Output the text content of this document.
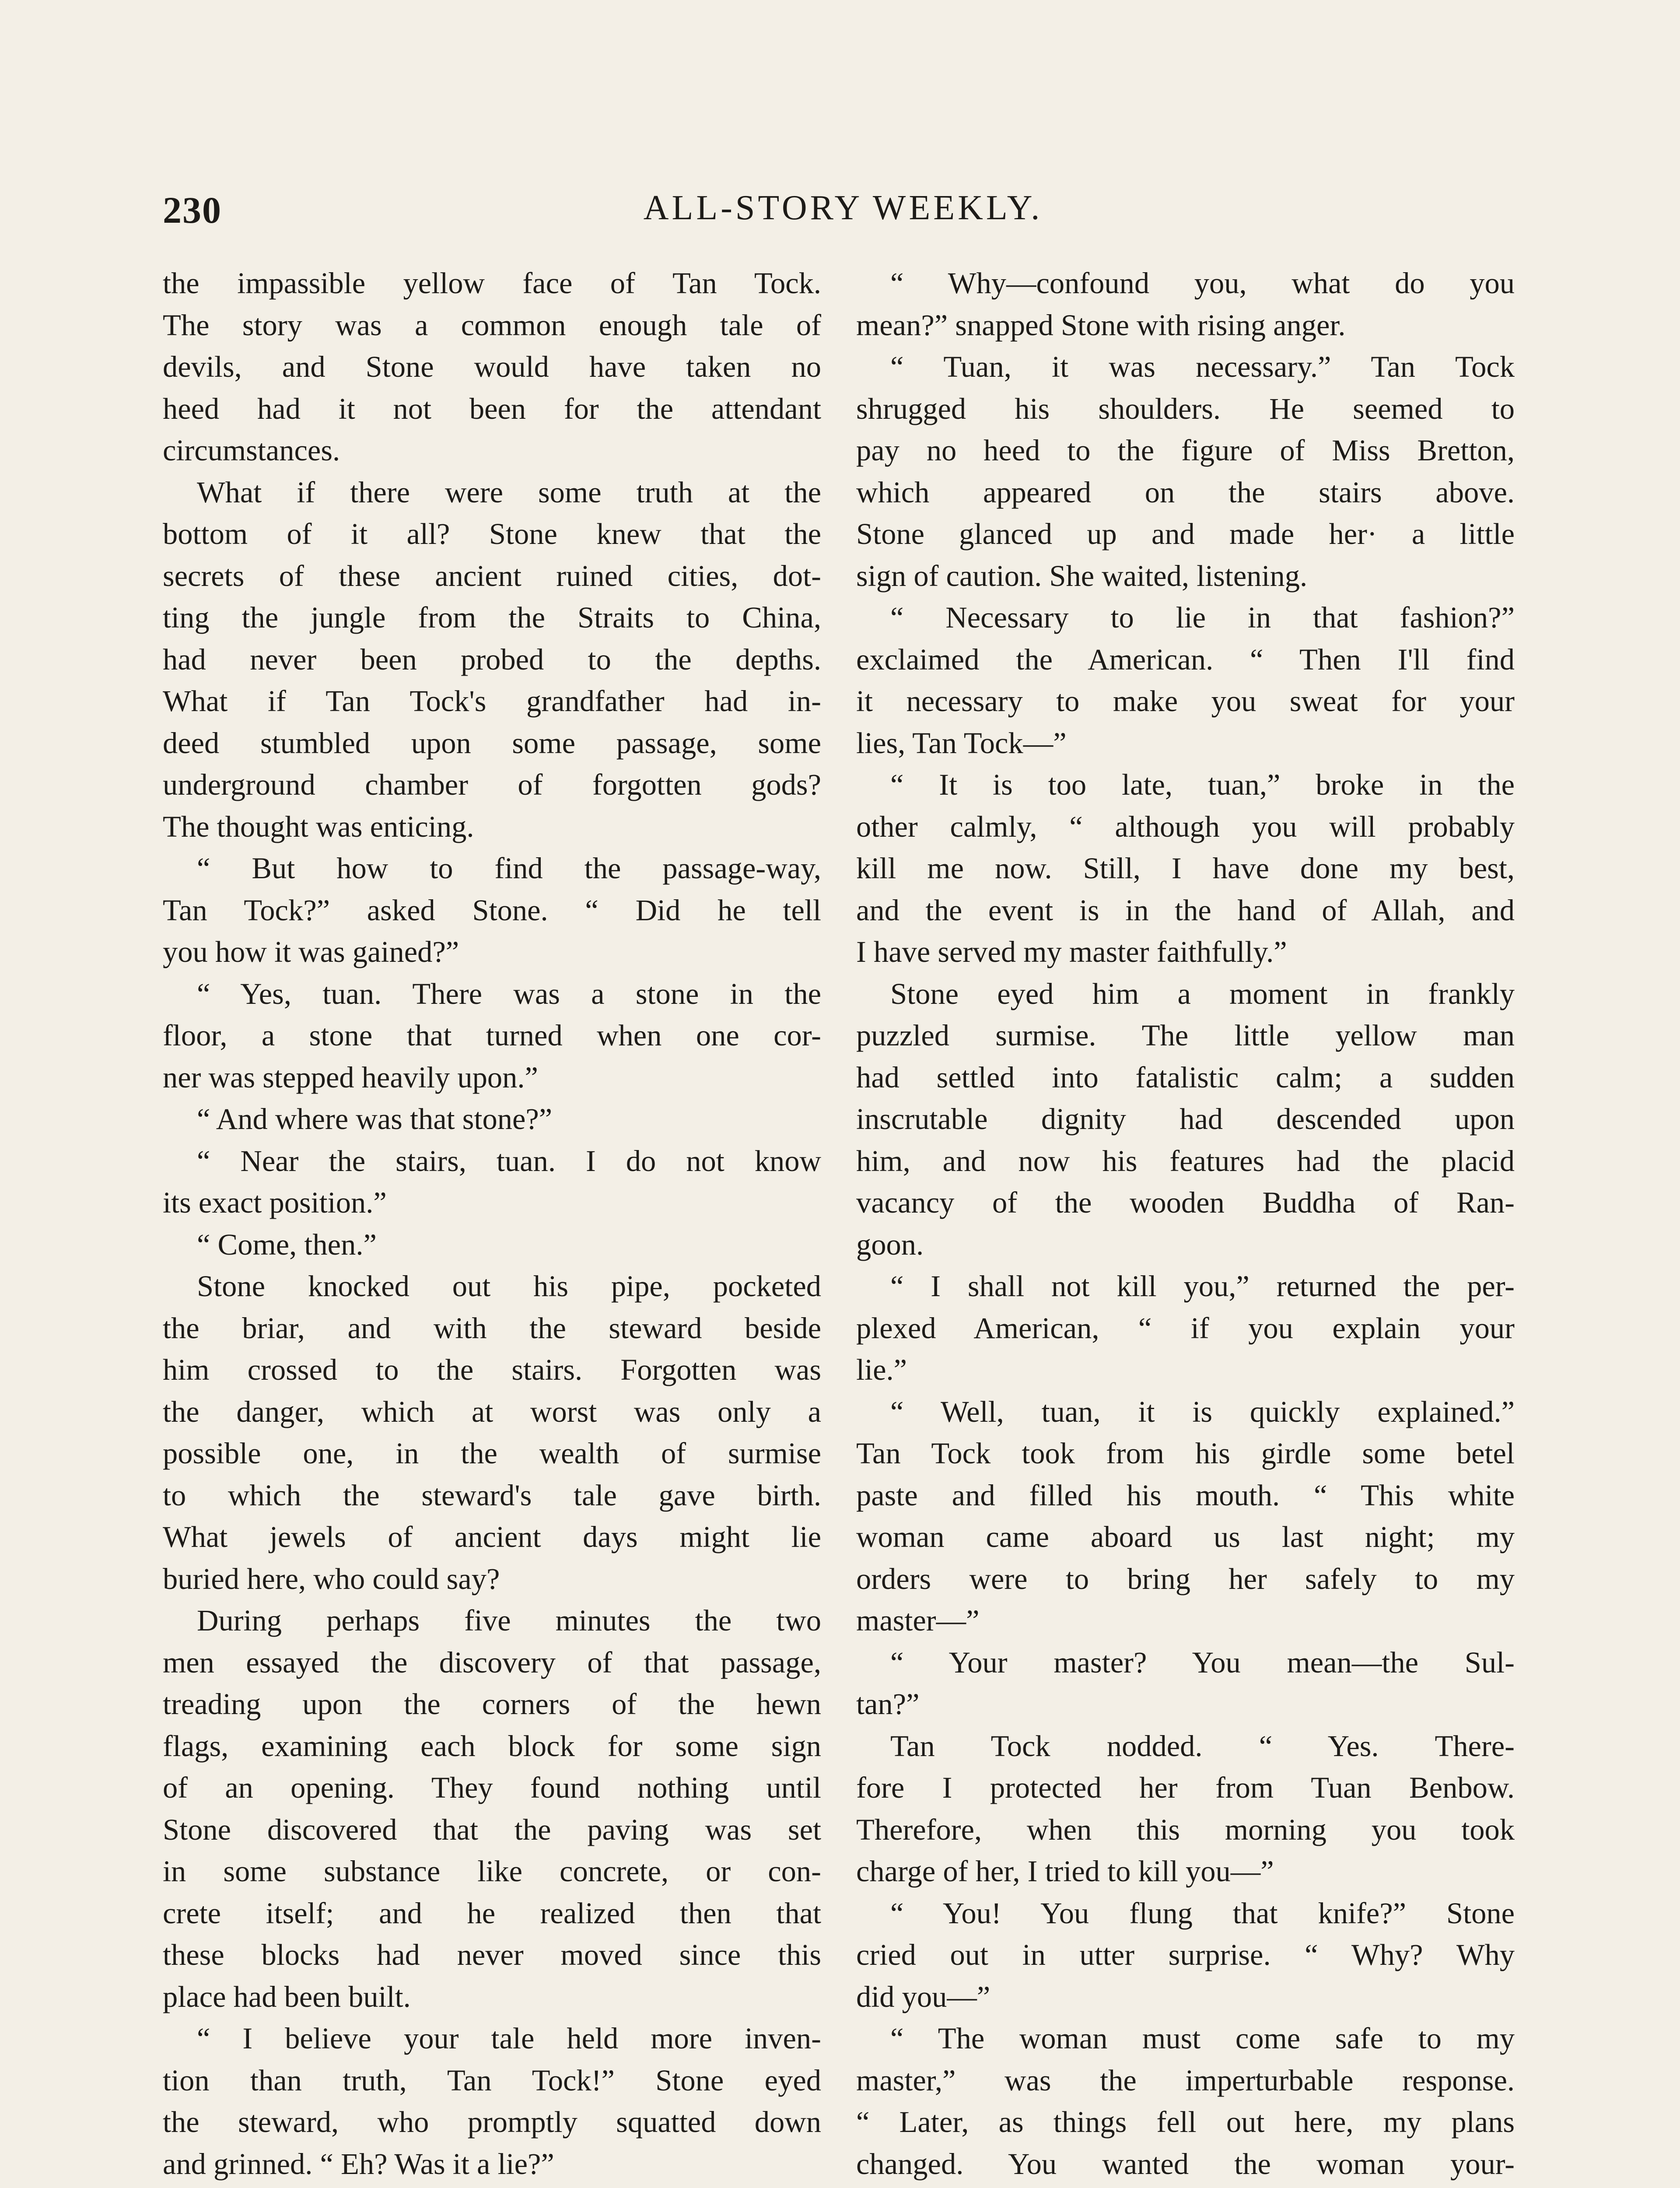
230	ALL-STORY WEEKLY.
the impassible yellow face of Tan Tock.
The story was a common enough tale of
devils, and Stone would have taken no
heed had it not been for the attendant
circumstances.
What if there were some truth at the
bottom of it all? Stone knew that the
secrets of these ancient ruined cities, dot-
ting the jungle from the Straits to China,
had never been probed to the depths.
What if Tan Tock's grandfather had in-
deed stumbled upon some passage, some
underground chamber of forgotten gods?
The thought was enticing.
“ But how to find the passage-way,
Tan Tock?” asked Stone. “ Did he tell
you how it was gained?”
“ Yes, tuan. There was a stone in the
floor, a stone that turned when one cor-
ner was stepped heavily upon.”
“ And where was that stone?”
“ Near the stairs, tuan. I do not know
its exact position.”
“ Come, then.”
Stone knocked out his pipe, pocketed
the briar, and with the steward beside
him crossed to the stairs. Forgotten was
the danger, which at worst was only a
possible one, in the wealth of surmise
to which the steward's tale gave birth.
What jewels of ancient days might lie
buried here, who could say?
During perhaps five minutes the two
men essayed the discovery of that passage,
treading upon the corners of the hewn
flags, examining each block for some sign
of an opening. They found nothing until
Stone discovered that the paving was set
in some substance like concrete, or con-
crete itself; and he realized then that
these blocks had never moved since this
place had been built.
“ I believe your tale held more inven-
tion than truth, Tan Tock!” Stone eyed
the steward, who promptly squatted down
and grinned. “ Eh? Was it a lie?”
“ Why—confound you, what do you
mean?” snapped Stone with rising anger.
“ Tuan, it was necessary.” Tan Tock
shrugged his shoulders. He seemed to
pay no heed to the figure of Miss Bretton,
which appeared on the stairs above.
Stone glanced up and made her· a little
sign of caution. She waited, listening.
“ Necessary to lie in that fashion?”
exclaimed the American. “ Then I'll find
it necessary to make you sweat for your
lies, Tan Tock—”
“ It is too late, tuan,” broke in the
other calmly, “ although you will probably
kill me now. Still, I have done my best,
and the event is in the hand of Allah, and
I have served my master faithfully.”
Stone eyed him a moment in frankly
puzzled surmise. The little yellow man
had settled into fatalistic calm; a sudden
inscrutable dignity had descended upon
him, and now his features had the placid
vacancy of the wooden Buddha of Ran-
goon.
“ I shall not kill you,” returned the per-
plexed American, “ if you explain your
lie.”
“ Well, tuan, it is quickly explained.”
Tan Tock took from his girdle some betel
paste and filled his mouth. “ This white
woman came aboard us last night; my
orders were to bring her safely to my
master—”
“ Your master? You mean—the Sul-
tan?”
Tan Tock nodded. “ Yes. There-
fore I protected her from Tuan Benbow.
Therefore, when this morning you took
charge of her, I tried to kill you—”
“ You! You flung that knife?” Stone
cried out in utter surprise. “ Why? Why
did you—”
“ The woman must come safe to my
master,” was the imperturbable response.
“ Later, as things fell out here, my plans
changed. You wanted the woman your-
